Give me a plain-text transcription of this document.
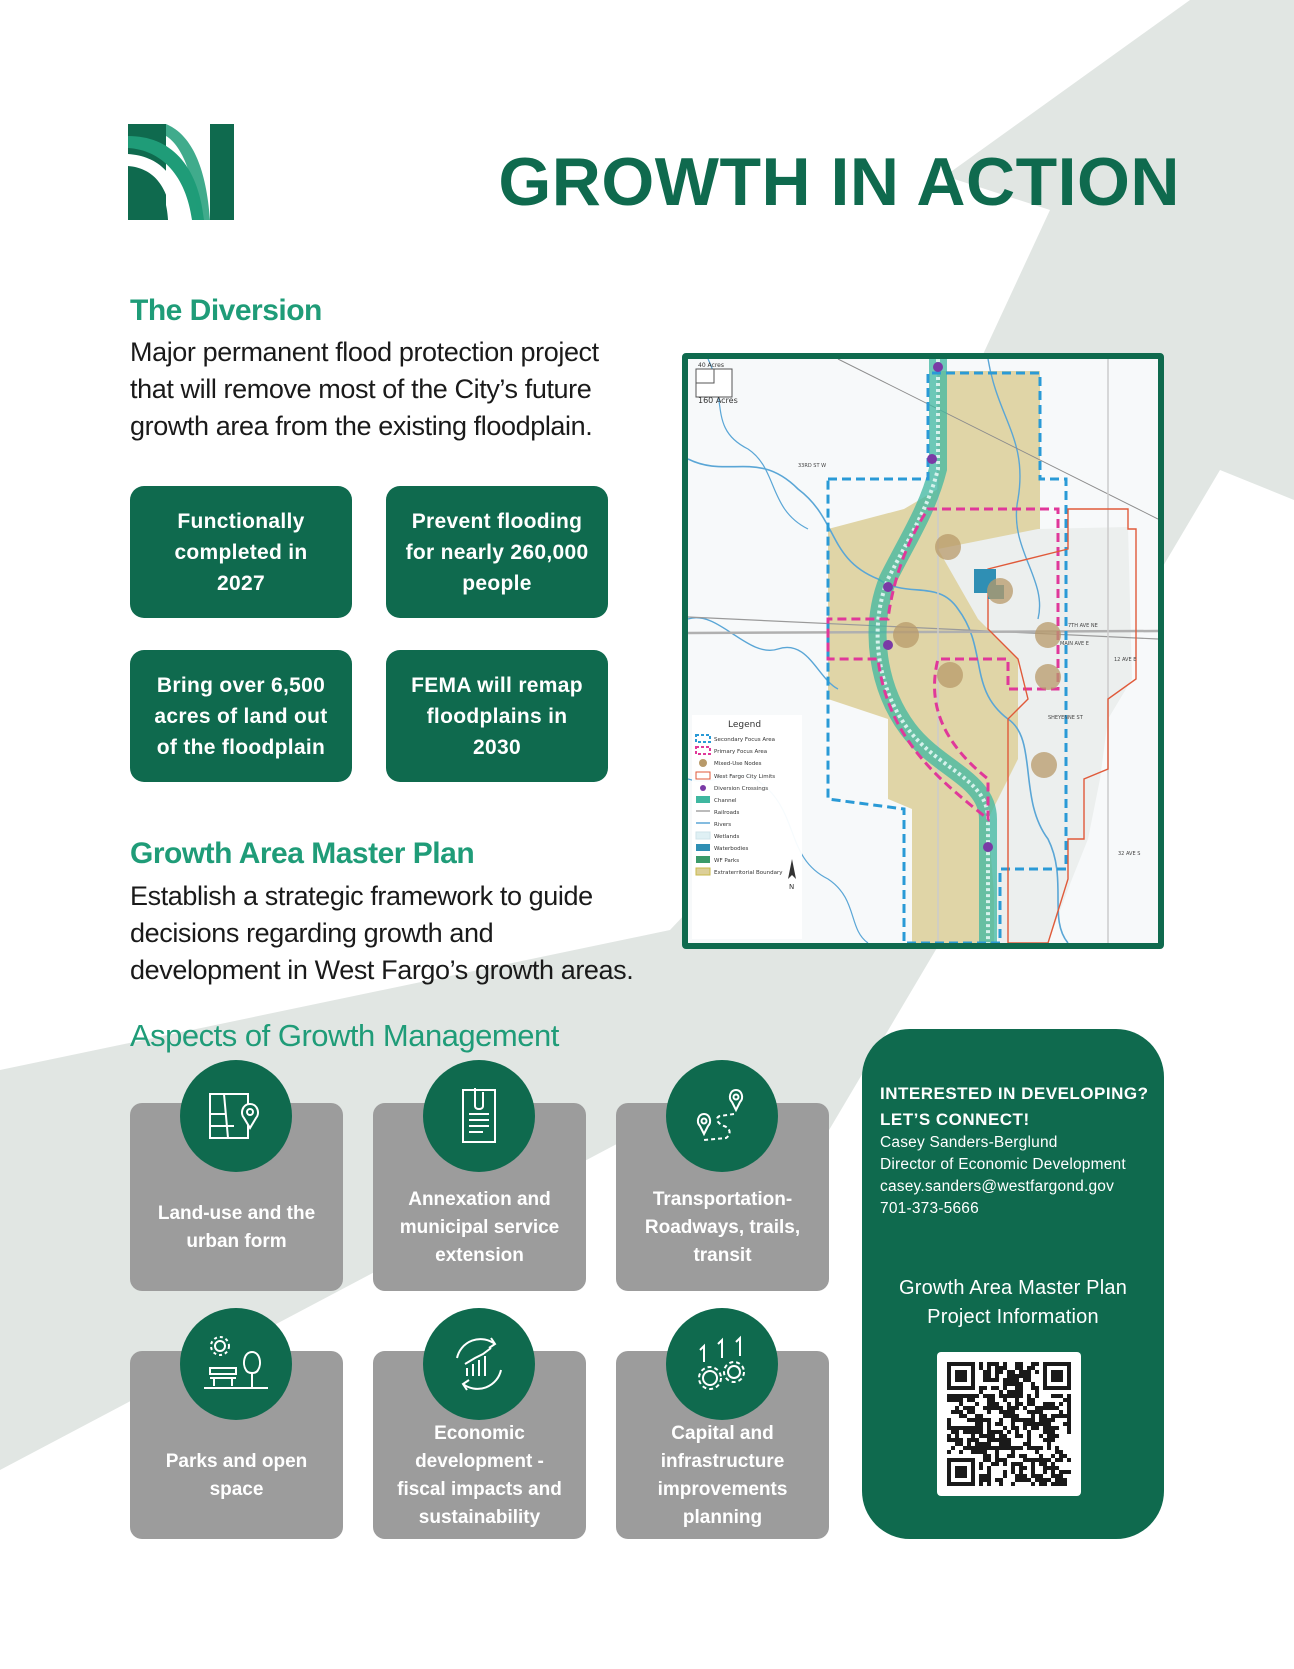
GROWTH IN ACTION
The Diversion
Major permanent flood protection project
that will remove most of the City’s future
growth area from the existing floodplain.
Functionally
completed in
2027
Prevent flooding
for nearly 260,000
people
Bring over 6,500
acres of land out
of the floodplain
FEMA will remap
floodplains in
2030
40 Acres
160 Acres
33RD ST W
7TH AVE NE
MAIN AVE E
12 AVE E
32 AVE S
SHEYENNE ST
Legend
Secondary Focus Area
Primary Focus Area
Mixed-Use Nodes
West Fargo City Limits
Diversion Crossings
Channel
Railroads
Rivers
Wetlands
Waterbodies
WF Parks
Extraterritorial Boundary
N
Growth Area Master Plan
Establish a strategic framework to guide
decisions regarding growth and
development in West Fargo’s growth areas.
Aspects of Growth Management
Land-use and the
urban form
Annexation and
municipal service
extension
Transportation-
Roadways, trails,
transit
Parks and open
space
Economic
development -
fiscal impacts and
sustainability
Capital and
infrastructure
improvements
planning
INTERESTED IN DEVELOPING?
LET’S CONNECT!
Casey Sanders-Berglund
Director of Economic Development
casey.sanders@westfargond.gov
701-373-5666
Growth Area Master Plan
Project Information
